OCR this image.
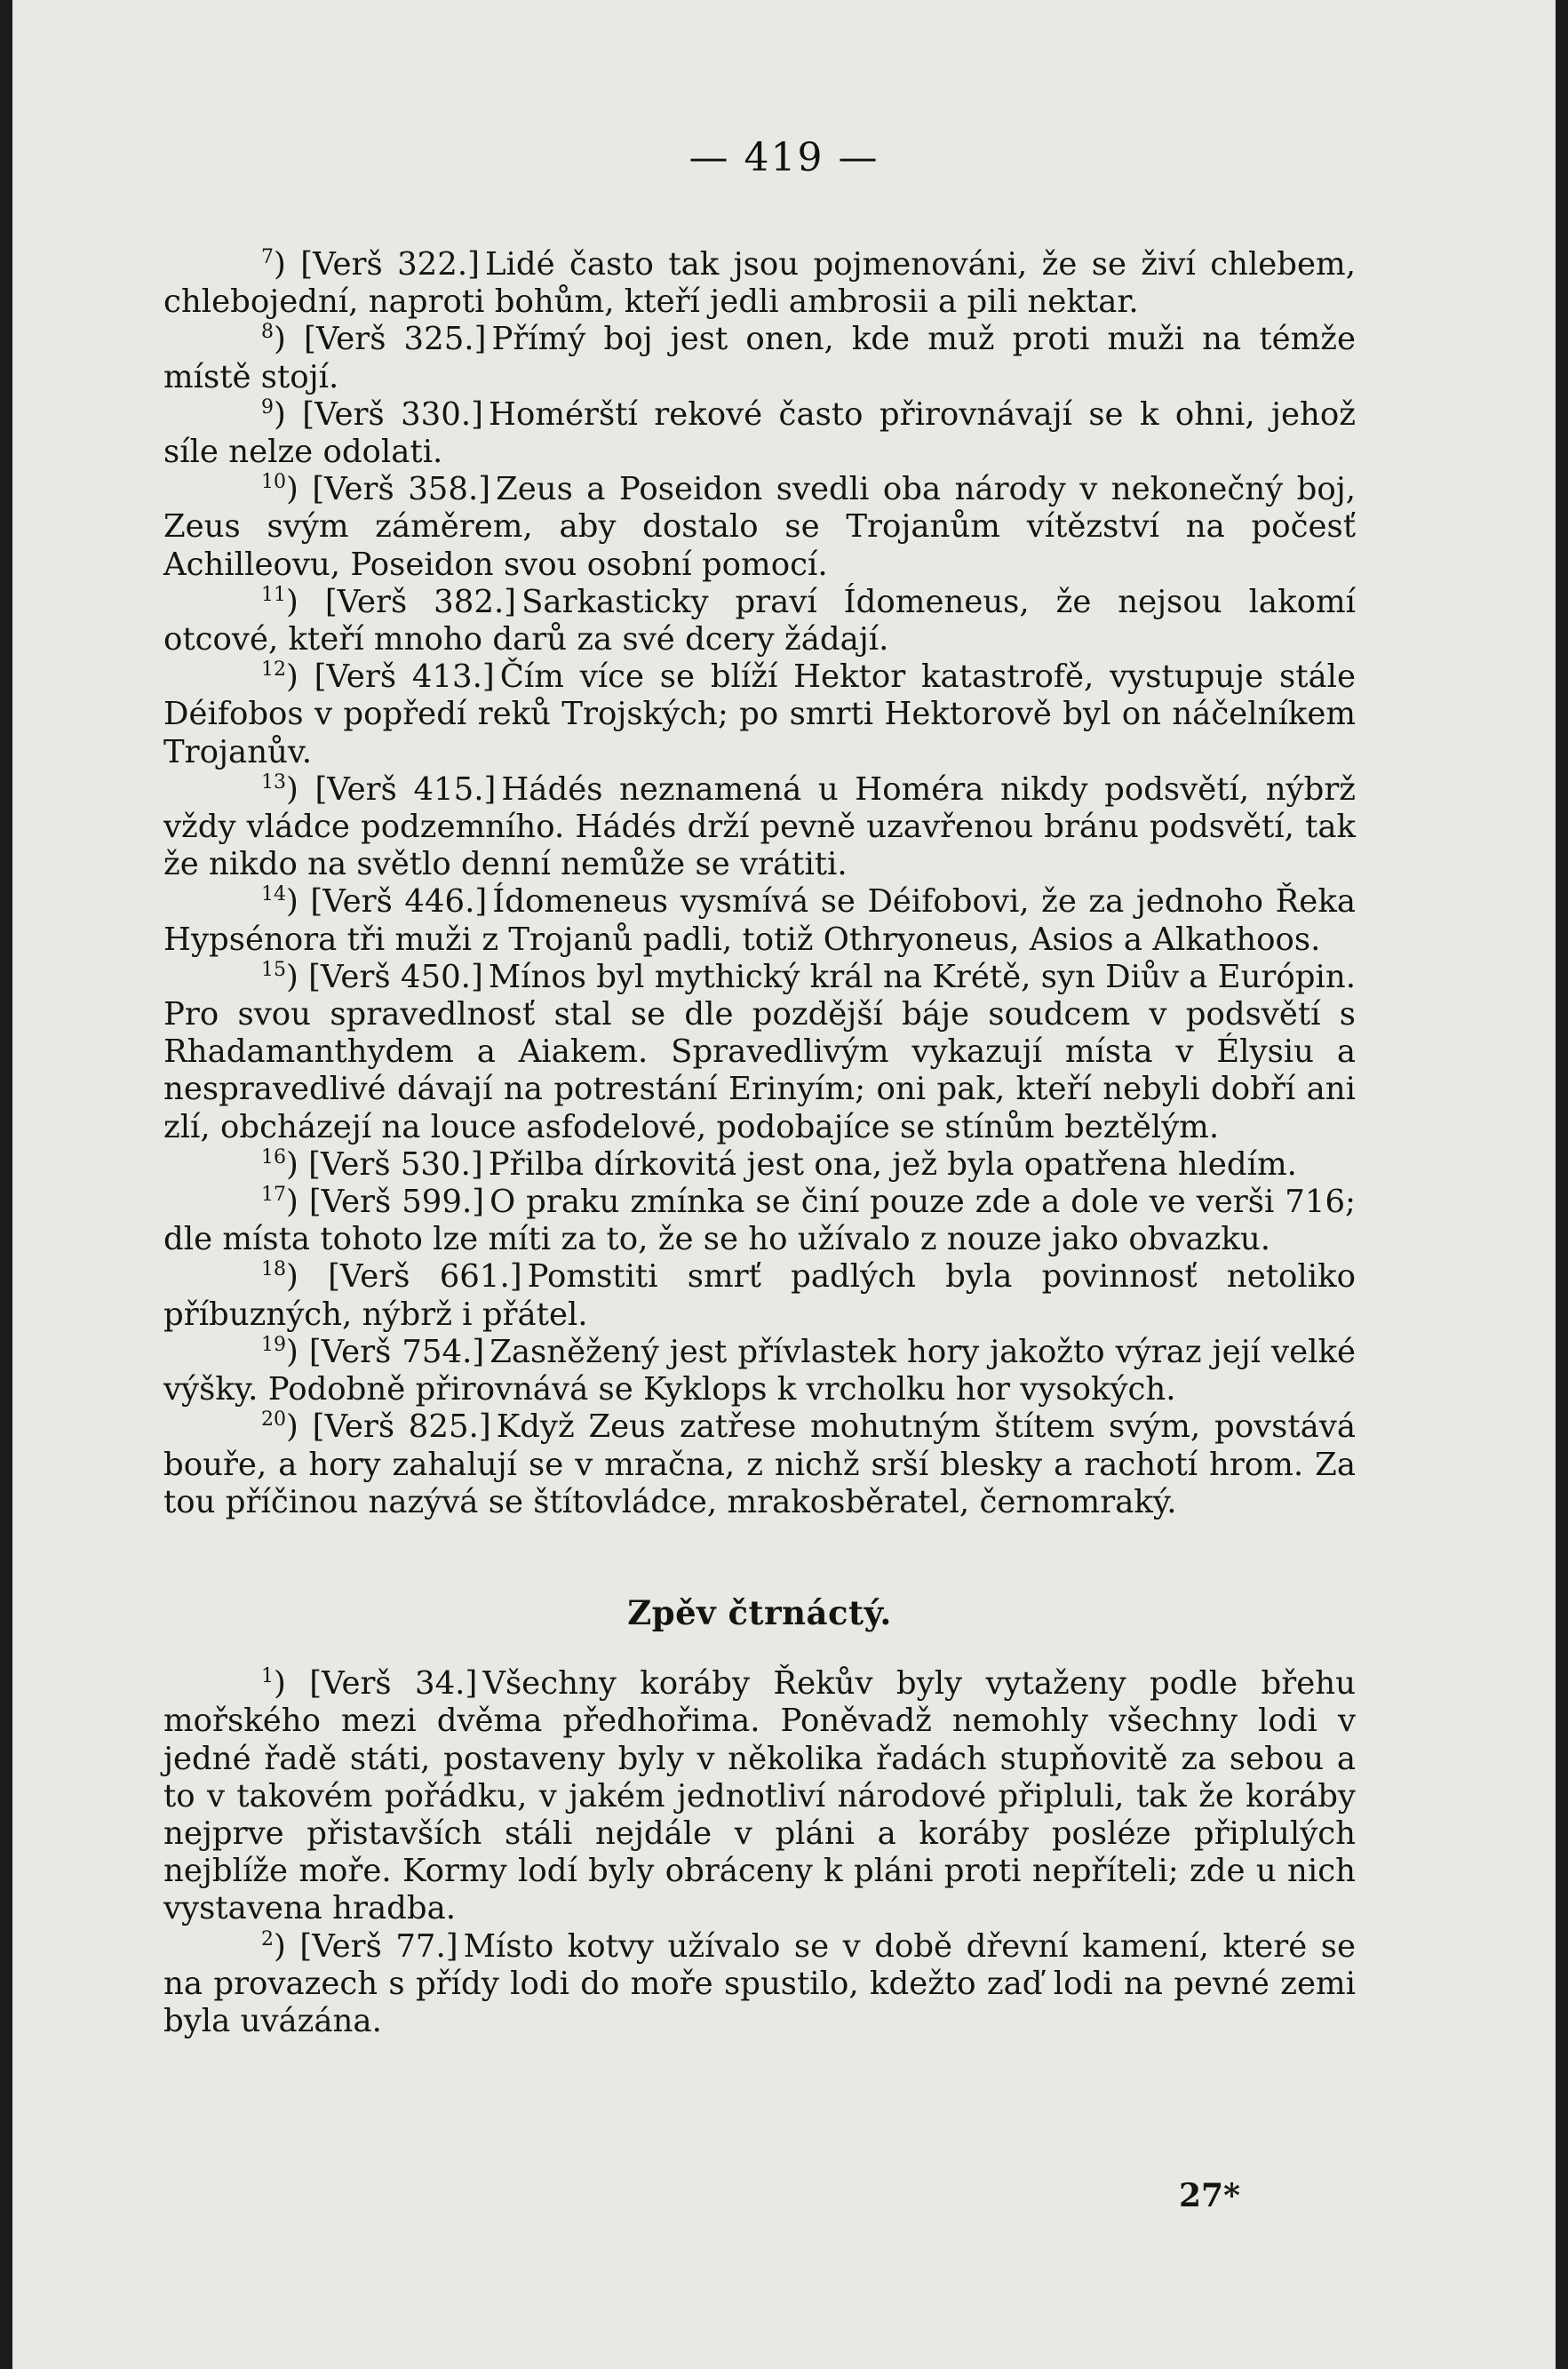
— 419 —

$^7$) [Verš 322.] Lidé často tak jsou pojmenováni, že se živí chlebem, chlebojední, naproti bohům, kteří jedli ambrosii a pili nektar.

$^8$) [Verš 325.] Přímý boj jest onen, kde muž proti muži na témže místě stojí.

$^9$) [Verš 330.] Homérští rekové často přirovnávají se k ohni, jehož síle nelze odolati.

$^{10}$) [Verš 358.] Zeus a Poseidon svedli oba národy v nekonečný boj, Zeus svým záměrem, aby dostalo se Trojanům vítězství na počesť Achilleovu, Poseidon svou osobní pomocí.

$^{11}$) [Verš 382.] Sarkasticky praví Ídomeneus, že nejsou lakomí otcové, kteří mnoho darů za své dcery žádají.

$^{12}$) [Verš 413.] Čím více se blíží Hektor katastrofě, vystupuje stále Déifobos v popředí reků Trojských; po smrti Hektorově byl on náčelníkem Trojanův.

$^{13}$) [Verš 415.] Hádés neznamená u Homéra nikdy podsvětí, nýbrž vždy vládce podzemního. Hádés drží pevně uzavřenou bránu podsvětí, tak že nikdo na světlo denní nemůže se vrátiti.

$^{14}$) [Verš 446.] Ídomeneus vysmívá se Déifobovi, že za jednoho Řeka Hypsénora tři muži z Trojanů padli, totiž Othryoneus, Asios a Alkathoos.

$^{15}$) [Verš 450.] Mínos byl mythický král na Krétě, syn Diův a Európin. Pro svou spravedlnosť stal se dle pozdější báje soudcem v podsvětí s Rhadamanthydem a Aiakem. Spravedlivým vykazují místa v Élysiu a nespravedlivé dávají na potrestání Erinyím; oni pak, kteří nebyli dobří ani zlí, obcházejí na louce asfodelové, podobajíce se stínům beztělým.

$^{16}$) [Verš 530.] Přilba dírkovitá jest ona, jež byla opatřena hledím.

$^{17}$) [Verš 599.] O praku zmínka se činí pouze zde a dole ve verši 716; dle místa tohoto lze míti za to, že se ho užívalo z nouze jako obvazku.

$^{18}$) [Verš 661.] Pomstiti smrť padlých byla povinnosť netoliko příbuzných, nýbrž i přátel.

$^{19}$) [Verš 754.] Zasněžený jest přívlastek hory jakožto výraz její velké výšky. Podobně přirovnává se Kyklops k vrcholku hor vysokých.

$^{20}$) [Verš 825.] Když Zeus zatřese mohutným štítem svým, povstává bouře, a hory zahalují se v mračna, z nichž srší blesky a rachotí hrom. Za tou příčinou nazývá se štítovládce, mrakosběratel, černomraký.

Zpěv čtrnáctý.

$^1$) [Verš 34.] Všechny koráby Řekův byly vytaženy podle břehu mořského mezi dvěma předhořima. Poněvadž nemohly všechny lodi v jedné řadě státi, postaveny byly v několika řadách stupňovitě za sebou a to v takovém pořádku, v jakém jednotliví národové připluli, tak že koráby nejprve přistavších stáli nejdále v pláni a koráby posléze připlulých nejblíže moře. Kormy lodí byly obráceny k pláni proti nepříteli; zde u nich vystavena hradba.

$^2$) [Verš 77.] Místo kotvy užívalo se v době dřevní kamení, které se na provazech s přídy lodi do moře spustilo, kdežto zaď lodi na pevné zemi byla uvázána.

27*
